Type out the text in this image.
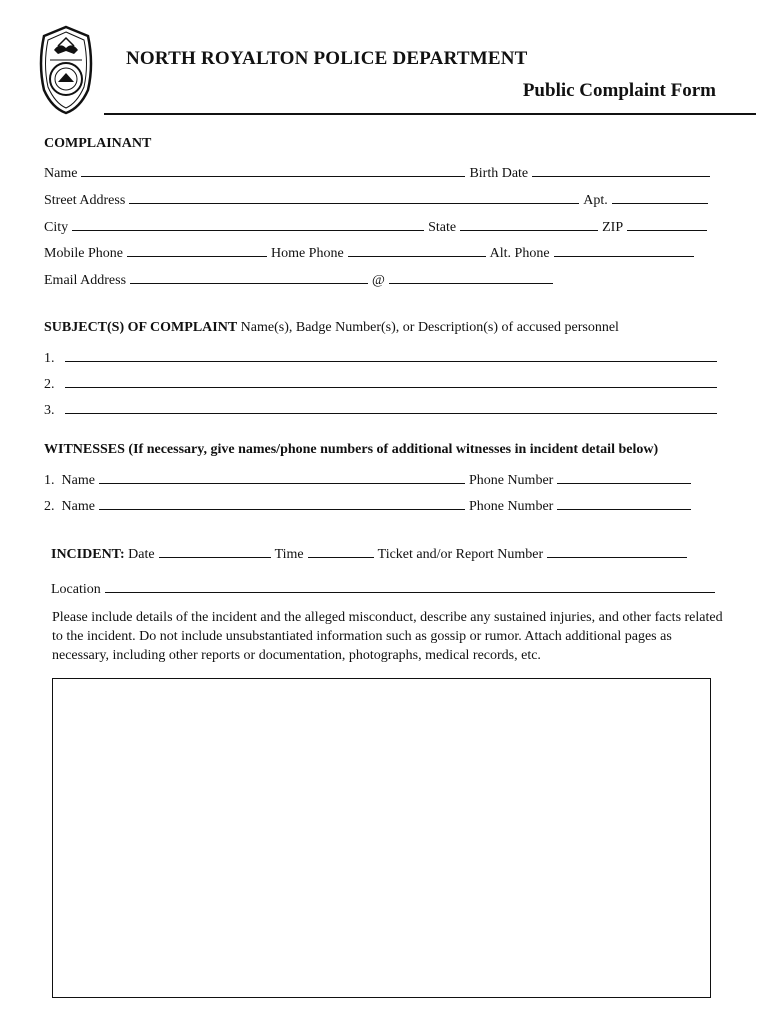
NORTH ROYALTON POLICE DEPARTMENT
Public Complaint Form
COMPLAINANT
Name	Birth Date
Street Address	Apt.
City	State	ZIP
Mobile Phone	Home Phone	Alt. Phone
Email Address	@
SUBJECT(S) OF COMPLAINT Name(s), Badge Number(s), or Description(s) of accused personnel
1.
2.
3.
WITNESSES (If necessary, give names/phone numbers of additional witnesses in incident detail below)
1. Name	Phone Number
2. Name	Phone Number
INCIDENT: Date	Time	Ticket and/or Report Number
Location
Please include details of the incident and the alleged misconduct, describe any sustained injuries, and other facts related to the incident. Do not include unsubstantiated information such as gossip or rumor. Attach additional pages as necessary, including other reports or documentation, photographs, medical records, etc.
